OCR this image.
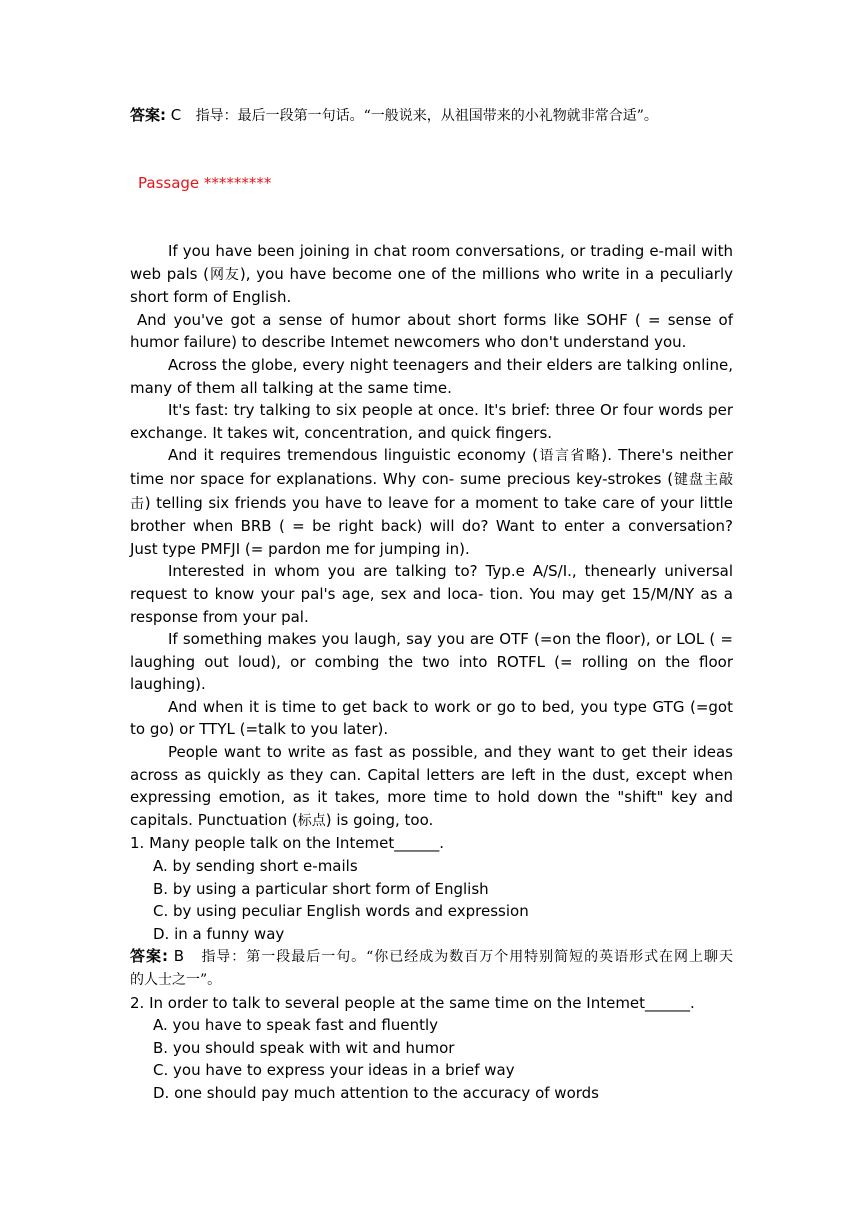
答案: C 指导：最后一段第一句话。“一般说来，从祖国带来的小礼物就非常合适”。
Passage *********
If you have been joining in chat room conversations, or trading e-mail with
web pals (网友), you have become one of the millions who write in a peculiarly
short form of English.
And you've got a sense of humor about short forms like SOHF ( = sense of
humor failure) to describe Intemet newcomers who don't understand you.
Across the globe, every night teenagers and their elders are talking online,
many of them all talking at the same time.
It's fast: try talking to six people at once. It's brief: three Or four words per
exchange. It takes wit, concentration, and quick fingers.
And it requires tremendous linguistic economy (语言省略). There's neither
time nor space for explanations. Why con- sume precious key-strokes (键盘主敲
击) telling six friends you have to leave for a moment to take care of your little
brother when BRB ( = be right back) will do? Want to enter a conversation?
Just type PMFJI (= pardon me for jumping in).
Interested in whom you are talking to? Typ.e A/S/I., thenearly universal
request to know your pal's age, sex and loca- tion. You may get 15/M/NY as a
response from your pal.
If something makes you laugh, say you are OTF (=on the floor), or LOL ( =
laughing out loud), or combing the two into ROTFL (= rolling on the floor
laughing).
And when it is time to get back to work or go to bed, you type GTG (=got
to go) or TTYL (=talk to you later).
People want to write as fast as possible, and they want to get their ideas
across as quickly as they can. Capital letters are left in the dust, except when
expressing emotion, as it takes, more time to hold down the "shift" key and
capitals. Punctuation (标点) is going, too.
1. Many people talk on the Intemet______.
A. by sending short e-mails
B. by using a particular short form of English
C. by using peculiar English words and expression
D. in a funny way
答案: B 指导：第一段最后一句。“你已经成为数百万个用特别简短的英语形式在网上聊天
的人士之一”。
2. In order to talk to several people at the same time on the Intemet______.
A. you have to speak fast and fluently
B. you should speak with wit and humor
C. you have to express your ideas in a brief way
D. one should pay much attention to the accuracy of words
